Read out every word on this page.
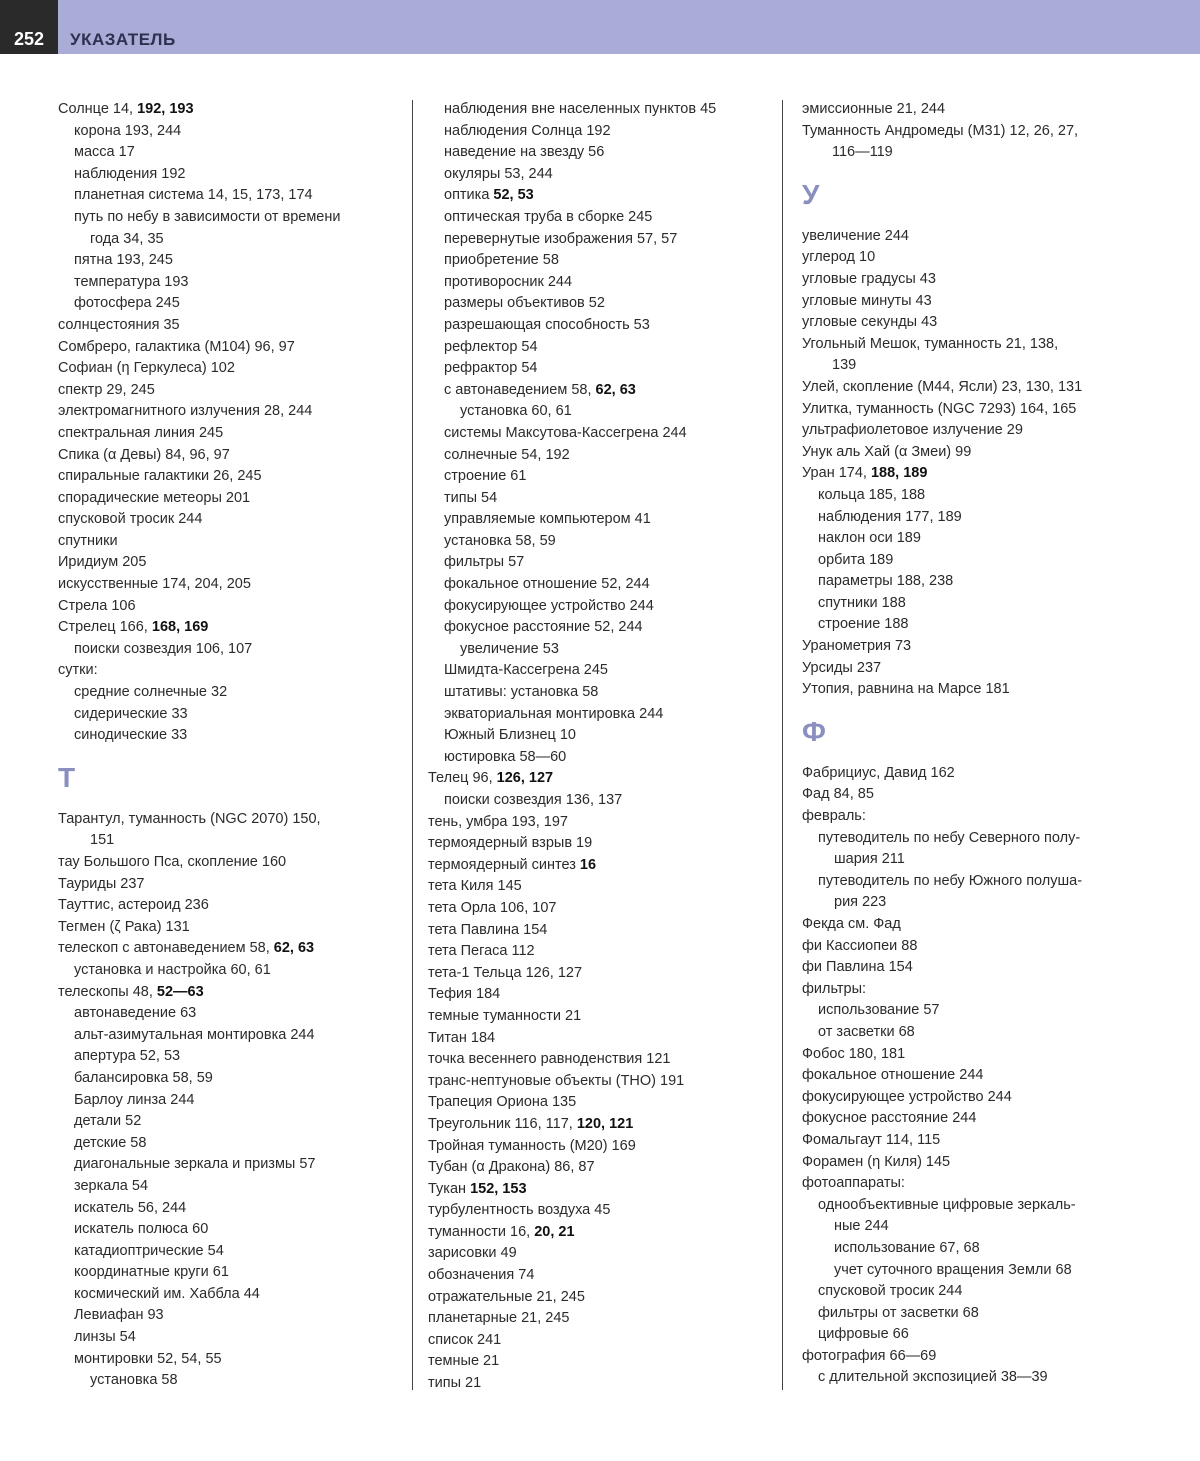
252	УКАЗАТЕЛЬ
Солнце 14, 192, 193
корона 193, 244
масса 17
наблюдения 192
планетная система 14, 15, 173, 174
путь по небу в зависимости от времени
года 34, 35
пятна 193, 245
температура 193
фотосфера 245
солнцестояния 35
Сомбреро, галактика (M104) 96, 97
Софиан (η Геркулеса) 102
спектр 29, 245
электромагнитного излучения 28, 244
спектральная линия 245
Спика (α Девы) 84, 96, 97
спиральные галактики 26, 245
спорадические метеоры 201
спусковой тросик 244
спутники
Иридиум 205
искусственные 174, 204, 205
Стрела 106
Стрелец 166, 168, 169
поиски созвездия 106, 107
сутки:
средние солнечные 32
сидерические 33
синодические 33
Т
Тарантул, туманность (NGC 2070) 150,
151
тау Большого Пса, скопление 160
Тауриды 237
Тауттис, астероид 236
Тегмен (ζ Рака) 131
телескоп с автонаведением 58, 62, 63
установка и настройка 60, 61
телескопы 48, 52—63
автонаведение 63
альт-азимутальная монтировка 244
апертура 52, 53
балансировка 58, 59
Барлоу линза 244
детали 52
детские 58
диагональные зеркала и призмы 57
зеркала 54
искатель 56, 244
искатель полюса 60
катадиоптрические 54
координатные круги 61
космический им. Хаббла 44
Левиафан 93
линзы 54
монтировки 52, 54, 55
установка 58
наблюдения вне населенных пунктов 45
наблюдения Солнца 192
наведение на звезду 56
окуляры 53, 244
оптика 52, 53
оптическая труба в сборке 245
перевернутые изображения 57, 57
приобретение 58
противоросник 244
размеры объективов 52
разрешающая способность 53
рефлектор 54
рефрактор 54
с автонаведением 58, 62, 63
установка 60, 61
системы Максутова-Кассегрена 244
солнечные 54, 192
строение 61
типы 54
управляемые компьютером 41
установка 58, 59
фильтры 57
фокальное отношение 52, 244
фокусирующее устройство 244
фокусное расстояние 52, 244
увеличение 53
Шмидта-Кассегрена 245
штативы: установка 58
экваториальная монтировка 244
Южный Близнец 10
юстировка 58—60
Телец 96, 126, 127
поиски созвездия 136, 137
тень, умбра 193, 197
термоядерный взрыв 19
термоядерный синтез 16
тета Киля 145
тета Орла 106, 107
тета Павлина 154
тета Пегаса 112
тета-1 Тельца 126, 127
Тефия 184
темные туманности 21
Титан 184
точка весеннего равноденствия 121
транс-нептуновые объекты (ТНО) 191
Трапеция Ориона 135
Треугольник 116, 117, 120, 121
Тройная туманность (M20) 169
Тубан (α Дракона) 86, 87
Тукан 152, 153
турбулентность воздуха 45
туманности 16, 20, 21
зарисовки 49
обозначения 74
отражательные 21, 245
планетарные 21, 245
список 241
темные 21
типы 21
эмиссионные 21, 244
Туманность Андромеды (M31) 12, 26, 27,
116—119
У
увеличение 244
углерод 10
угловые градусы 43
угловые минуты 43
угловые секунды 43
Угольный Мешок, туманность 21, 138,
139
Улей, скопление (M44, Ясли) 23, 130, 131
Улитка, туманность (NGC 7293) 164, 165
ультрафиолетовое излучение 29
Унук аль Хай (α Змеи) 99
Уран 174, 188, 189
кольца 185, 188
наблюдения 177, 189
наклон оси 189
орбита 189
параметры 188, 238
спутники 188
строение 188
Уранометрия 73
Урсиды 237
Утопия, равнина на Марсе 181
Ф
Фабрициус, Давид 162
Фад 84, 85
февраль:
путеводитель по небу Северного полу-
шария 211
путеводитель по небу Южного полуша-
рия 223
Фекда см. Фад
фи Кассиопеи 88
фи Павлина 154
фильтры:
использование 57
от засветки 68
Фобос 180, 181
фокальное отношение 244
фокусирующее устройство 244
фокусное расстояние 244
Фомальгаут 114, 115
Форамен (η Киля) 145
фотоаппараты:
однообъективные цифровые зеркаль-
ные 244
использование 67, 68
учет суточного вращения Земли 68
спусковой тросик 244
фильтры от засветки 68
цифровые 66
фотография 66—69
с длительной экспозицией 38—39
